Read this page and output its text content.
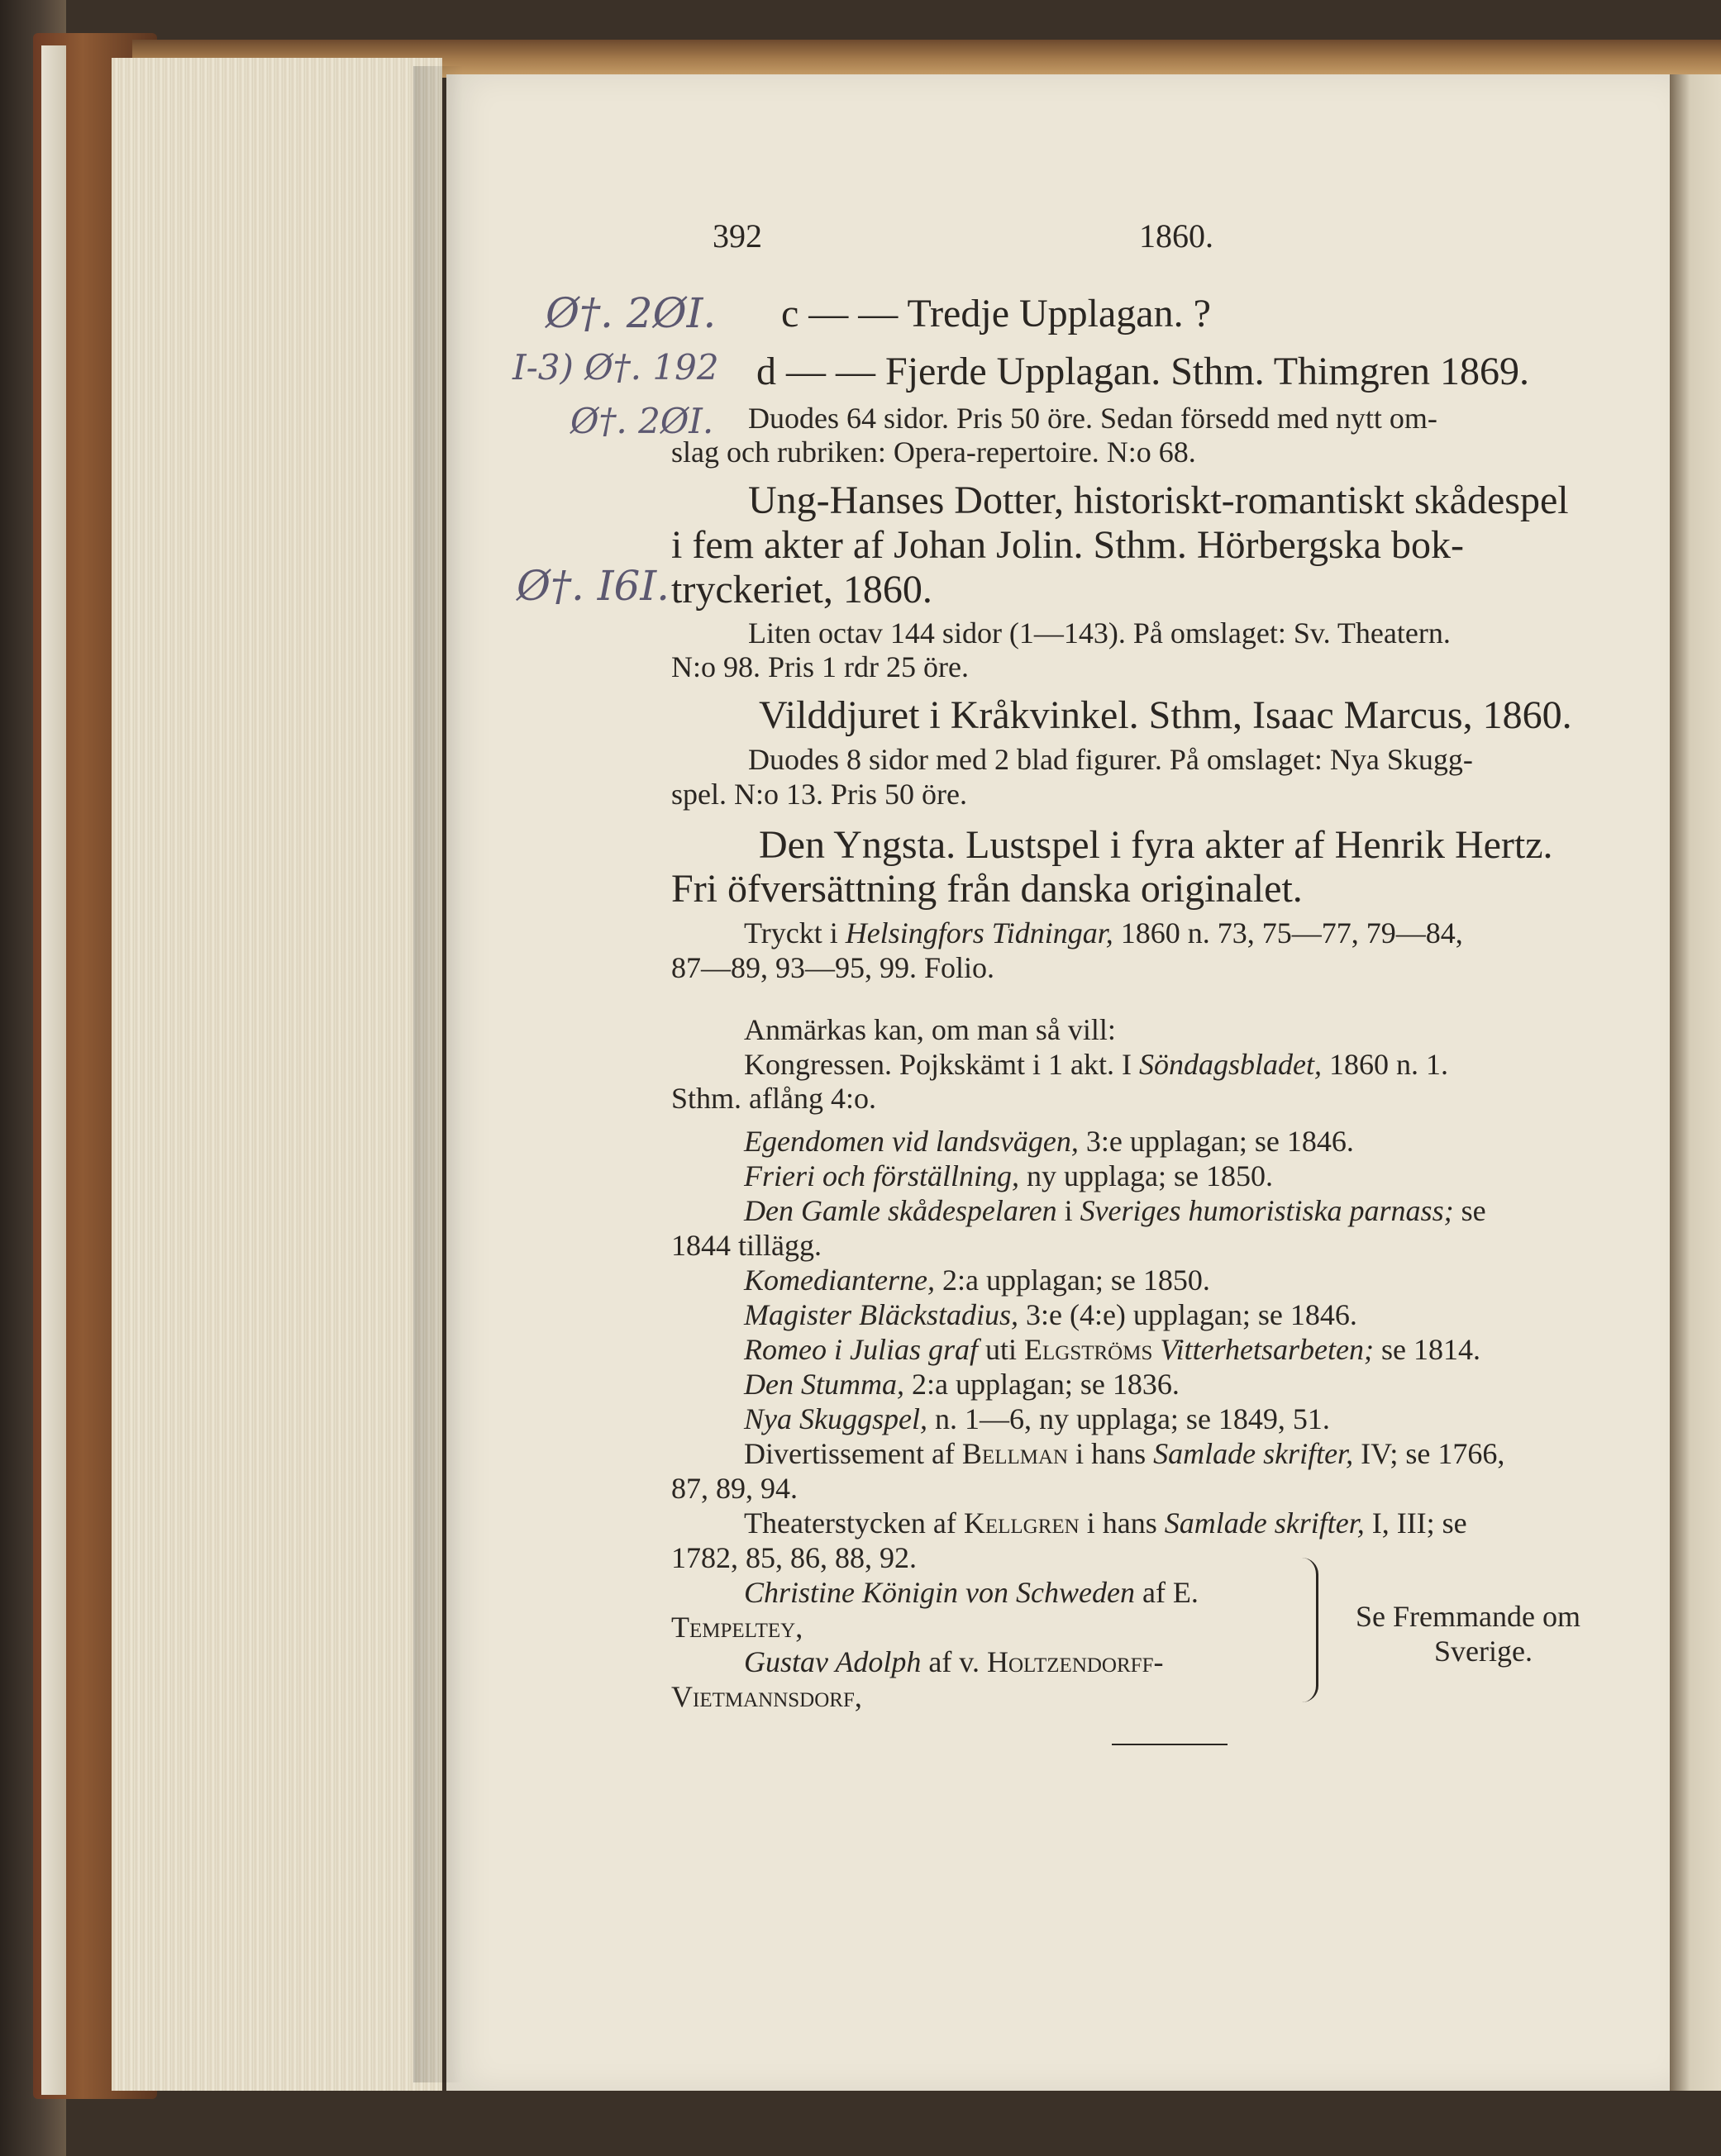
392	1860.
Ø†. 2ØI.
I-3) Ø†. 192
Ø†. 2ØI.
Ø†. I6I.
c — — Tredje Upplagan. ?
d — — Fjerde Upplagan. Sthm. Thimgren 1869.
Duodes 64 sidor. Pris 50 öre. Sedan försedd med nytt om-
slag och rubriken: Opera-repertoire. N:o 68.
Ung-Hanses Dotter, historiskt-romantiskt skådespel
i fem akter af Johan Jolin. Sthm. Hörbergska bok-
tryckeriet, 1860.
Liten octav 144 sidor (1—143). På omslaget: Sv. Theatern.
N:o 98. Pris 1 rdr 25 öre.
Vilddjuret i Kråkvinkel. Sthm, Isaac Marcus, 1860.
Duodes 8 sidor med 2 blad figurer. På omslaget: Nya Skugg-
spel. N:o 13. Pris 50 öre.
Den Yngsta. Lustspel i fyra akter af Henrik Hertz.
Fri öfversättning från danska originalet.
Tryckt i Helsingfors Tidningar, 1860 n. 73, 75—77, 79—84,
87—89, 93—95, 99. Folio.
Anmärkas kan, om man så vill:
Kongressen. Pojkskämt i 1 akt. I Söndagsbladet, 1860 n. 1.
Sthm. aflång 4:o.
Egendomen vid landsvägen, 3:e upplagan; se 1846.
Frieri och förställning, ny upplaga; se 1850.
Den Gamle skådespelaren i Sveriges humoristiska parnass; se
1844 tillägg.
Komedianterne, 2:a upplagan; se 1850.
Magister Bläckstadius, 3:e (4:e) upplagan; se 1846.
Romeo i Julias graf uti Elgströms Vitterhetsarbeten; se 1814.
Den Stumma, 2:a upplagan; se 1836.
Nya Skuggspel, n. 1—6, ny upplaga; se 1849, 51.
Divertissement af Bellman i hans Samlade skrifter, IV; se 1766,
87, 89, 94.
Theaterstycken af Kellgren i hans Samlade skrifter, I, III; se
1782, 85, 86, 88, 92.
Christine Königin von Schweden af E.
Tempeltey,
Gustav Adolph af v. Holtzendorff-
Vietmannsdorf,
Se Fremmande om
Sverige.
